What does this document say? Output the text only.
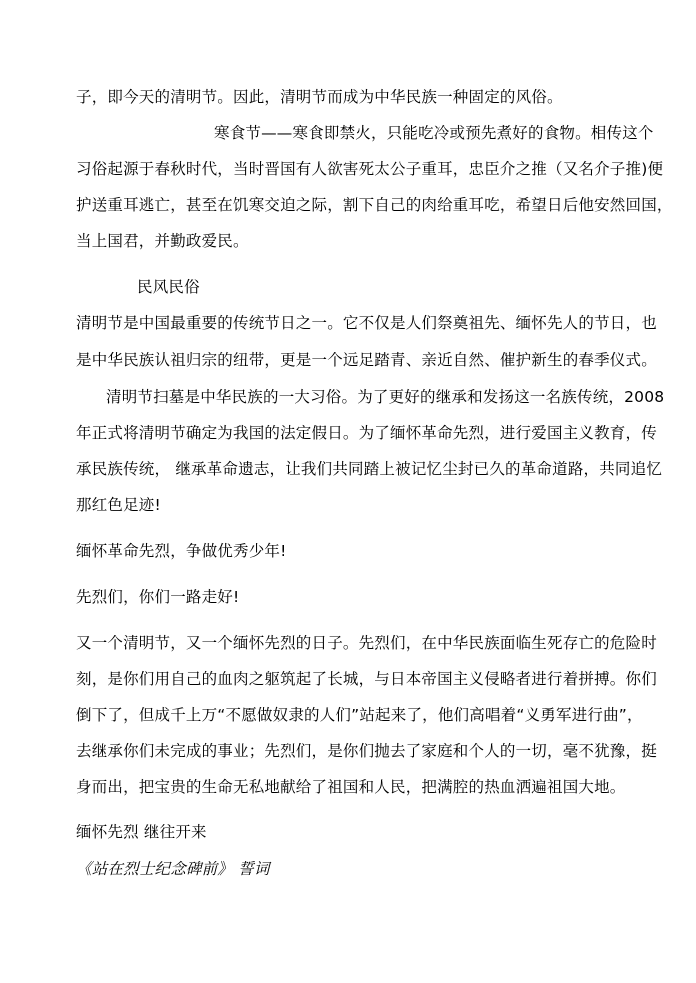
子，即今天的清明节。因此，清明节而成为中华民族一种固定的风俗。
寒食节——寒食即禁火，只能吃冷或预先煮好的食物。相传这个
习俗起源于春秋时代，当时晋国有人欲害死太公子重耳，忠臣介之推（又名介子推)便
护送重耳逃亡，甚至在饥寒交迫之际，割下自己的肉给重耳吃，希望日后他安然回国，
当上国君，并勤政爱民。
民风民俗
清明节是中国最重要的传统节日之一。它不仅是人们祭奠祖先、缅怀先人的节日，也
是中华民族认祖归宗的纽带，更是一个远足踏青、亲近自然、催护新生的春季仪式。
清明节扫墓是中华民族的一大习俗。为了更好的继承和发扬这一名族传统，2008
年正式将清明节确定为我国的法定假日。为了缅怀革命先烈，进行爱国主义教育，传
承民族传统， 继承革命遗志，让我们共同踏上被记忆尘封已久的革命道路，共同追忆
那红色足迹!
缅怀革命先烈，争做优秀少年!
先烈们，你们一路走好!
又一个清明节，又一个缅怀先烈的日子。先烈们，在中华民族面临生死存亡的危险时
刻，是你们用自己的血肉之躯筑起了长城，与日本帝国主义侵略者进行着拼搏。你们
倒下了，但成千上万“不愿做奴隶的人们”站起来了，他们高唱着“义勇军进行曲”，
去继承你们未完成的事业；先烈们，是你们抛去了家庭和个人的一切，毫不犹豫，挺
身而出，把宝贵的生命无私地献给了祖国和人民，把满腔的热血洒遍祖国大地。
缅怀先烈 继往开来
《站在烈士纪念碑前》 誓词
